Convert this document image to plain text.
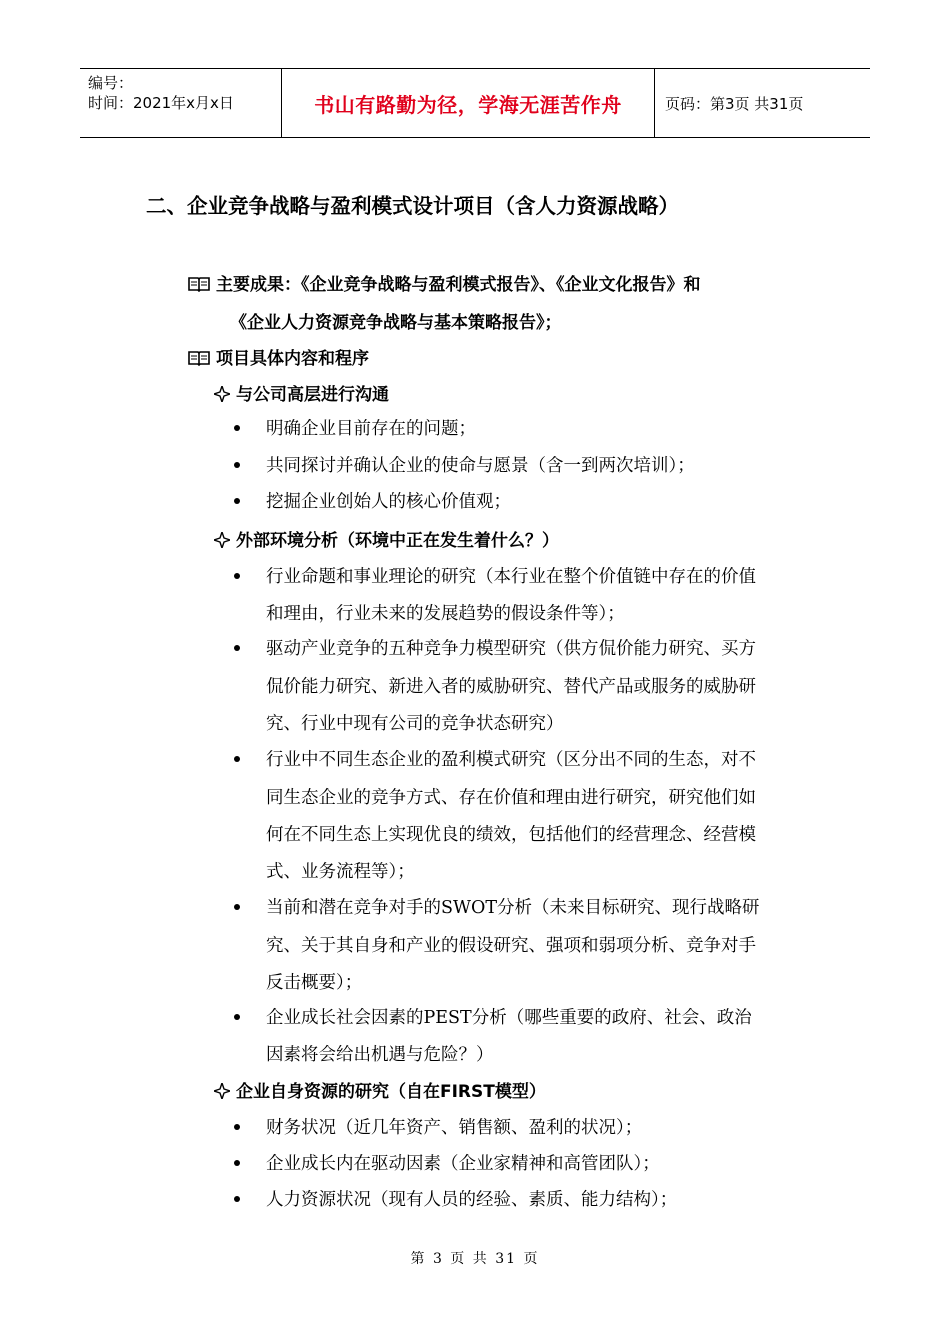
编号：
时间：2021年x月x日	书山有路勤为径，学海无涯苦作舟	页码：第3页 共31页
二、企业竞争战略与盈利模式设计项目（含人力资源战略）
主要成果：《企业竞争战略与盈利模式报告》、《企业文化报告》和
《企业人力资源竞争战略与基本策略报告》；
项目具体内容和程序
与公司高层进行沟通
明确企业目前存在的问题；
共同探讨并确认企业的使命与愿景（含一到两次培训）；
挖掘企业创始人的核心价值观；
外部环境分析（环境中正在发生着什么？）
行业命题和事业理论的研究（本行业在整个价值链中存在的价值
和理由，行业未来的发展趋势的假设条件等）；
驱动产业竞争的五种竞争力模型研究（供方侃价能力研究、买方
侃价能力研究、新进入者的威胁研究、替代产品或服务的威胁研
究、行业中现有公司的竞争状态研究）
行业中不同生态企业的盈利模式研究（区分出不同的生态，对不
同生态企业的竞争方式、存在价值和理由进行研究，研究他们如
何在不同生态上实现优良的绩效，包括他们的经营理念、经营模
式、业务流程等）；
当前和潜在竞争对手的SWOT分析（未来目标研究、现行战略研
究、关于其自身和产业的假设研究、强项和弱项分析、竞争对手
反击概要）；
企业成长社会因素的PEST分析（哪些重要的政府、社会、政治
因素将会给出机遇与危险？）
企业自身资源的研究（自在FIRST模型）
财务状况（近几年资产、销售额、盈利的状况）；
企业成长内在驱动因素（企业家精神和高管团队）；
人力资源状况（现有人员的经验、素质、能力结构）；
第 3 页 共 31 页
